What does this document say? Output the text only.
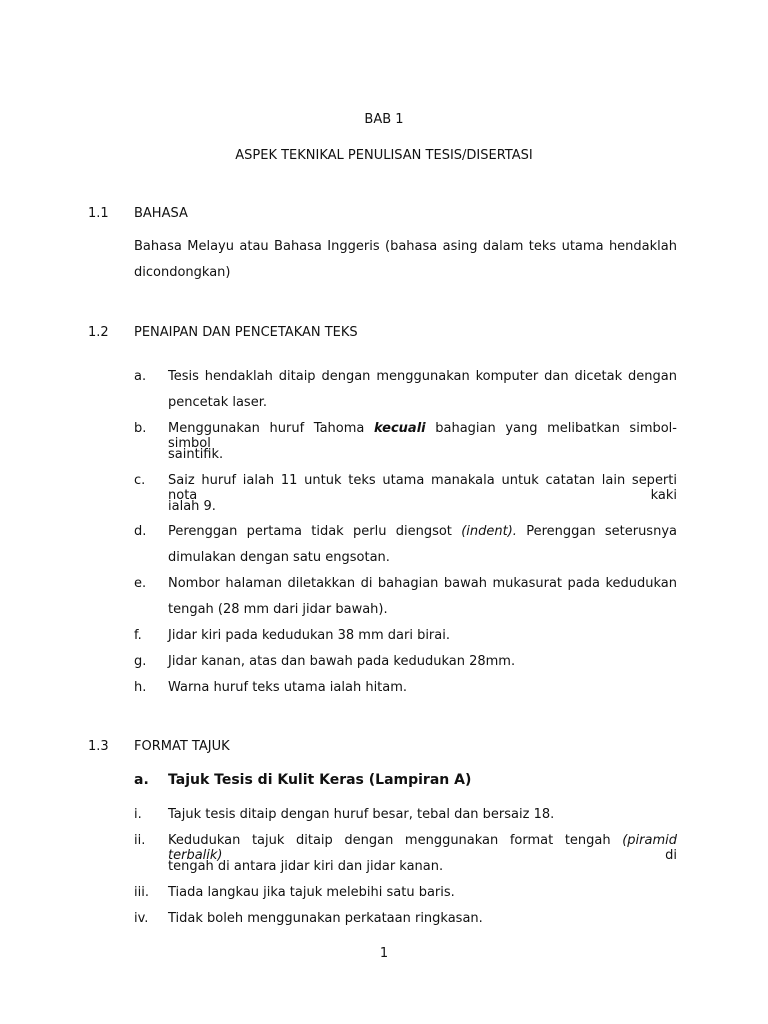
BAB 1
ASPEK TEKNIKAL PENULISAN TESIS/DISERTASI
1.1 BAHASA
Bahasa Melayu atau Bahasa Inggeris (bahasa asing dalam teks utama hendaklah
dicondongkan)
1.2 PENAIPAN DAN PENCETAKAN TEKS
a. Tesis hendaklah ditaip dengan menggunakan komputer dan dicetak dengan
pencetak laser.
b. Menggunakan huruf Tahoma kecuali bahagian yang melibatkan simbol-simbol
saintifik.
c. Saiz huruf ialah 11 untuk teks utama manakala untuk catatan lain seperti nota kaki
ialah 9.
d. Perenggan pertama tidak perlu diengsot (indent). Perenggan seterusnya
dimulakan dengan satu engsotan.
e. Nombor halaman diletakkan di bahagian bawah mukasurat pada kedudukan
tengah (28 mm dari jidar bawah).
f. Jidar kiri pada kedudukan 38 mm dari birai.
g. Jidar kanan, atas dan bawah pada kedudukan 28mm.
h. Warna huruf teks utama ialah hitam.
1.3 FORMAT TAJUK
a. Tajuk Tesis di Kulit Keras (Lampiran A)
i. Tajuk tesis ditaip dengan huruf besar, tebal dan bersaiz 18.
ii. Kedudukan tajuk ditaip dengan menggunakan format tengah (piramid terbalik) di
tengah di antara jidar kiri dan jidar kanan.
iii. Tiada langkau jika tajuk melebihi satu baris.
iv. Tidak boleh menggunakan perkataan ringkasan.
1
